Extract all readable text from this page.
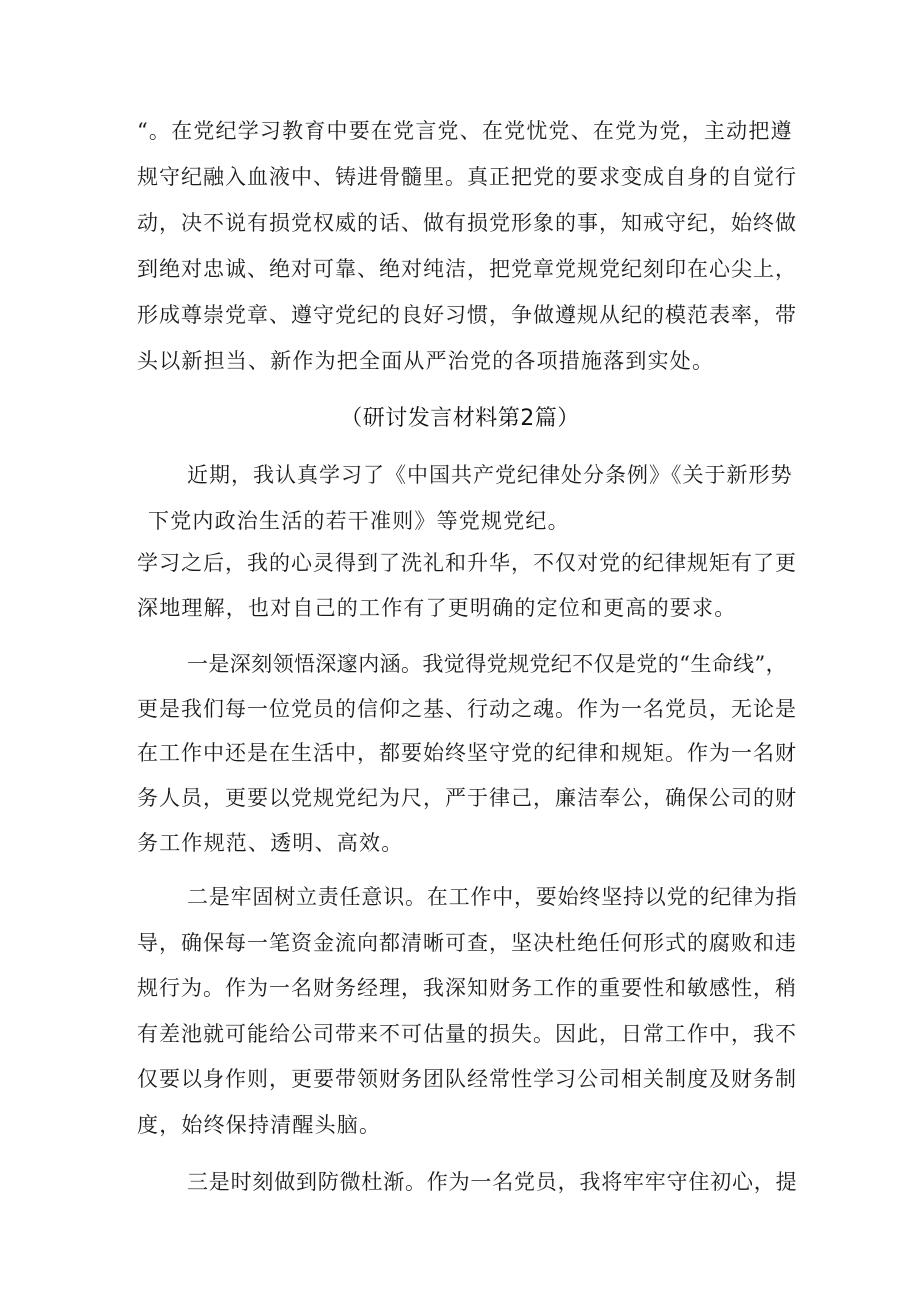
“。在党纪学习教育中要在党言党、在党忧党、在党为党，主动把遵
规守纪融入血液中、铸进骨髓里。真正把党的要求变成自身的自觉行
动，决不说有损党权威的话、做有损党形象的事，知戒守纪，始终做
到绝对忠诚、绝对可靠、绝对纯洁，把党章党规党纪刻印在心尖上，
形成尊崇党章、遵守党纪的良好习惯，争做遵规从纪的模范表率，带
头以新担当、新作为把全面从严治党的各项措施落到实处。
（研讨发言材料第2篇）
近期，我认真学习了《中国共产党纪律处分条例》《关于新形势
下党内政治生活的若干准则》等党规党纪。
学习之后，我的心灵得到了洗礼和升华，不仅对党的纪律规矩有了更
深地理解，也对自己的工作有了更明确的定位和更高的要求。
一是深刻领悟深邃内涵。我觉得党规党纪不仅是党的“生命线”，
更是我们每一位党员的信仰之基、行动之魂。作为一名党员，无论是
在工作中还是在生活中，都要始终坚守党的纪律和规矩。作为一名财
务人员，更要以党规党纪为尺，严于律己，廉洁奉公，确保公司的财
务工作规范、透明、高效。
二是牢固树立责任意识。在工作中，要始终坚持以党的纪律为指
导，确保每一笔资金流向都清晰可查，坚决杜绝任何形式的腐败和违
规行为。作为一名财务经理，我深知财务工作的重要性和敏感性，稍
有差池就可能给公司带来不可估量的损失。因此，日常工作中，我不
仅要以身作则，更要带领财务团队经常性学习公司相关制度及财务制
度，始终保持清醒头脑。
三是时刻做到防微杜渐。作为一名党员，我将牢牢守住初心，提
